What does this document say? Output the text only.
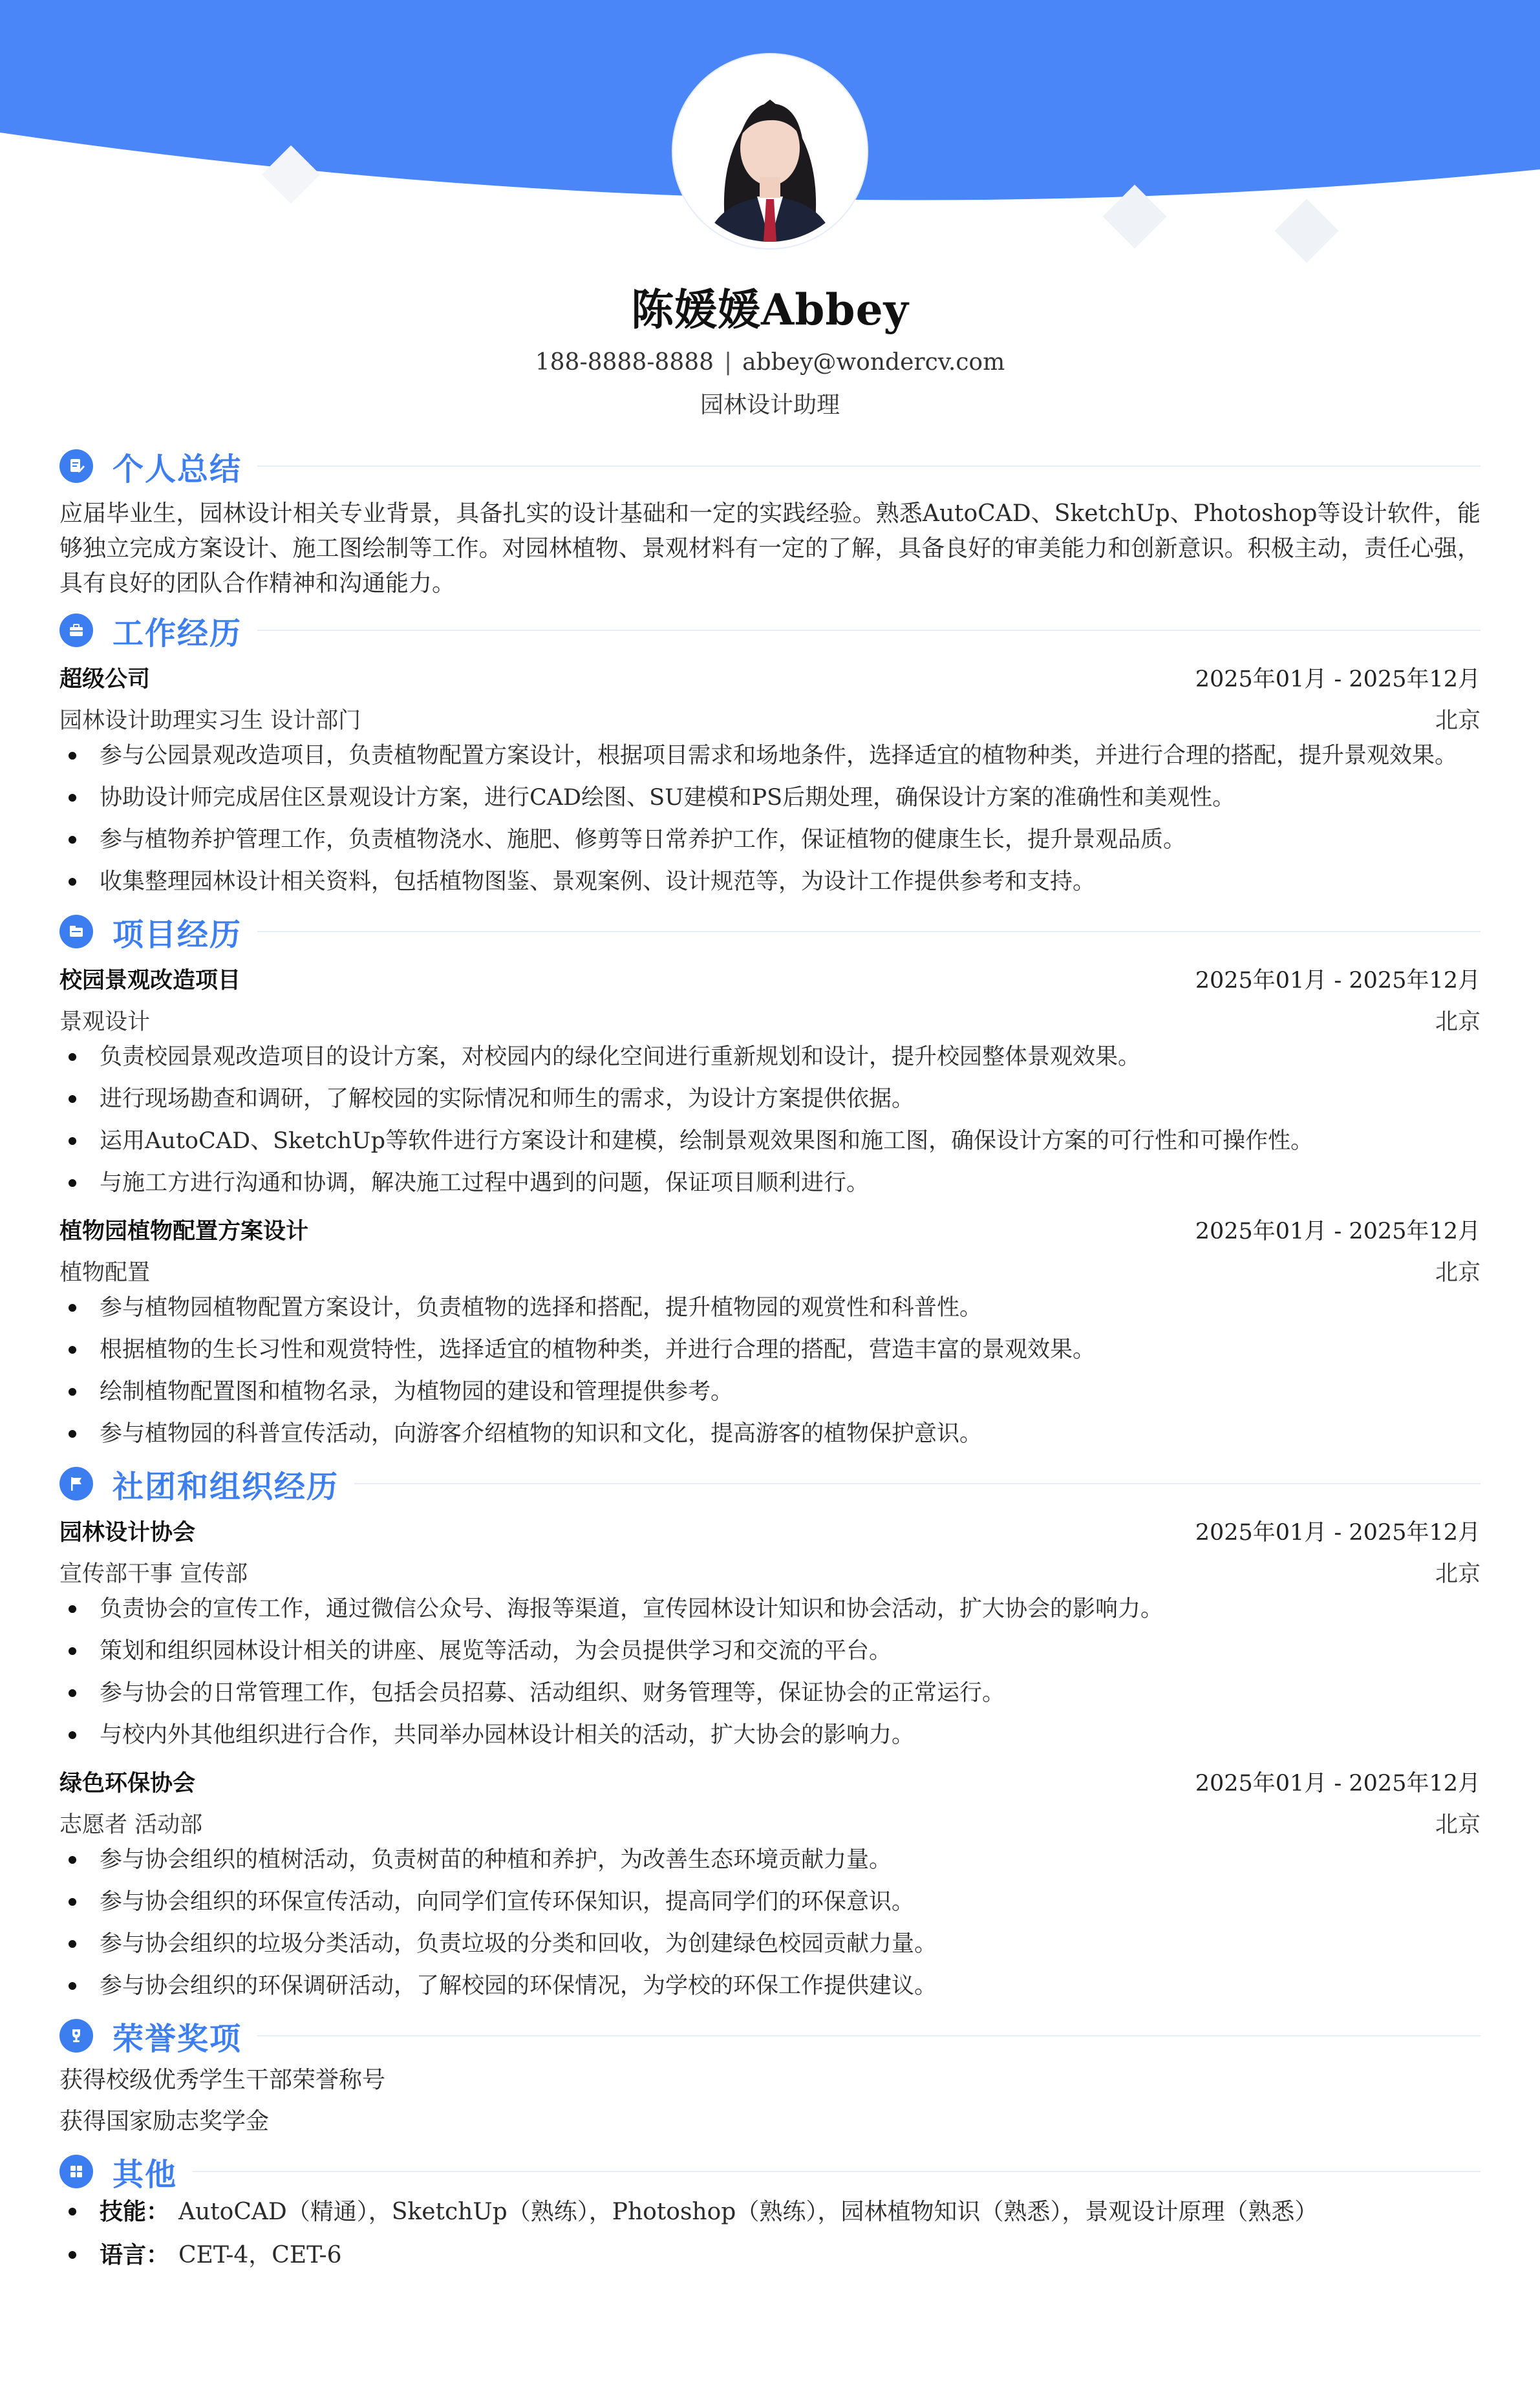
陈媛媛Abbey
188-8888-8888 | abbey@wondercv.com
园林设计助理
个人总结

应届毕业生，园林设计相关专业背景，具备扎实的设计基础和一定的实践经验。熟悉AutoCAD、SketchUp、Photoshop等设计软件，能够独立完成方案设计、施工图绘制等工作。对园林植物、景观材料有一定的了解，具备良好的审美能力和创新意识。积极主动，责任心强，具有良好的团队合作精神和沟通能力。

工作经历
超级公司	2025年01月 - 2025年12月
园林设计助理实习生 设计部门	北京
参与公园景观改造项目，负责植物配置方案设计，根据项目需求和场地条件，选择适宜的植物种类，并进行合理的搭配，提升景观效果。
协助设计师完成居住区景观设计方案，进行CAD绘图、SU建模和PS后期处理，确保设计方案的准确性和美观性。
参与植物养护管理工作，负责植物浇水、施肥、修剪等日常养护工作，保证植物的健康生长，提升景观品质。
收集整理园林设计相关资料，包括植物图鉴、景观案例、设计规范等，为设计工作提供参考和支持。
项目经历
校园景观改造项目	2025年01月 - 2025年12月
景观设计	北京
负责校园景观改造项目的设计方案，对校园内的绿化空间进行重新规划和设计，提升校园整体景观效果。
进行现场勘查和调研，了解校园的实际情况和师生的需求，为设计方案提供依据。
运用AutoCAD、SketchUp等软件进行方案设计和建模，绘制景观效果图和施工图，确保设计方案的可行性和可操作性。
与施工方进行沟通和协调，解决施工过程中遇到的问题，保证项目顺利进行。
植物园植物配置方案设计	2025年01月 - 2025年12月
植物配置	北京
参与植物园植物配置方案设计，负责植物的选择和搭配，提升植物园的观赏性和科普性。
根据植物的生长习性和观赏特性，选择适宜的植物种类，并进行合理的搭配，营造丰富的景观效果。
绘制植物配置图和植物名录，为植物园的建设和管理提供参考。
参与植物园的科普宣传活动，向游客介绍植物的知识和文化，提高游客的植物保护意识。
社团和组织经历
园林设计协会	2025年01月 - 2025年12月
宣传部干事 宣传部	北京
负责协会的宣传工作，通过微信公众号、海报等渠道，宣传园林设计知识和协会活动，扩大协会的影响力。
策划和组织园林设计相关的讲座、展览等活动，为会员提供学习和交流的平台。
参与协会的日常管理工作，包括会员招募、活动组织、财务管理等，保证协会的正常运行。
与校内外其他组织进行合作，共同举办园林设计相关的活动，扩大协会的影响力。
绿色环保协会	2025年01月 - 2025年12月
志愿者 活动部	北京
参与协会组织的植树活动，负责树苗的种植和养护，为改善生态环境贡献力量。
参与协会组织的环保宣传活动，向同学们宣传环保知识，提高同学们的环保意识。
参与协会组织的垃圾分类活动，负责垃圾的分类和回收，为创建绿色校园贡献力量。
参与协会组织的环保调研活动，了解校园的环保情况，为学校的环保工作提供建议。
荣誉奖项
获得校级优秀学生干部荣誉称号
获得国家励志奖学金
其他
技能： AutoCAD（精通），SketchUp（熟练），Photoshop（熟练），园林植物知识（熟悉），景观设计原理（熟悉）
语言： CET-4，CET-6
